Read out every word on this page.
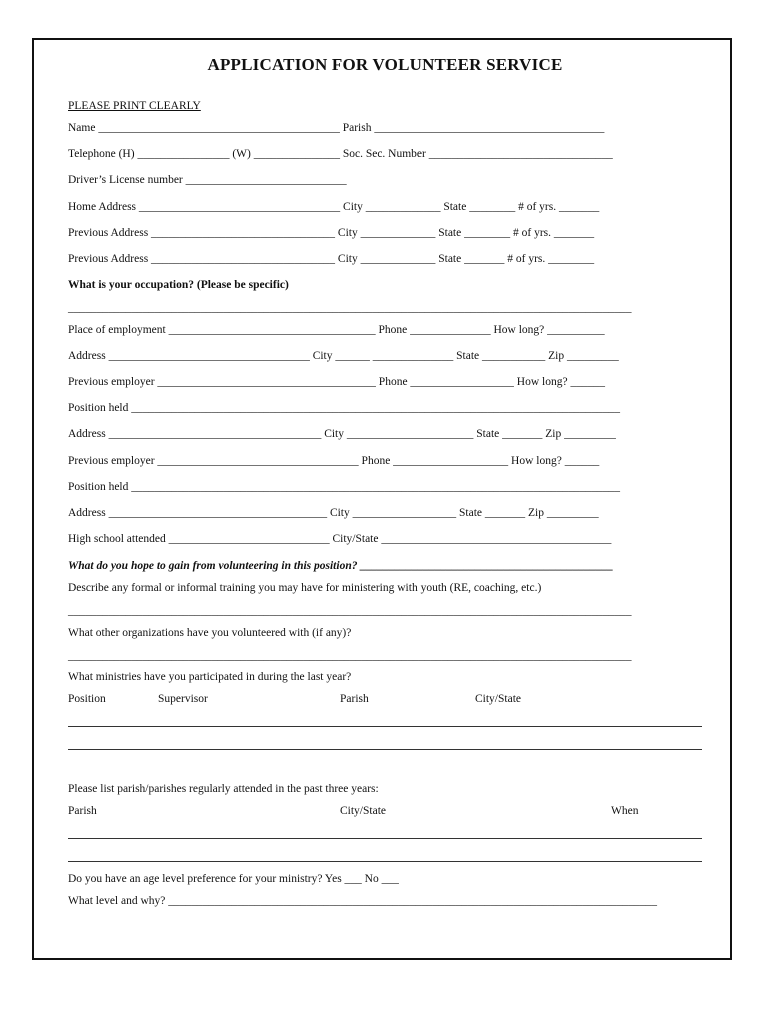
APPLICATION FOR VOLUNTEER SERVICE
PLEASE PRINT CLEARLY
Name __________________________________________ Parish ________________________________________
Telephone (H) ________________ (W) _______________ Soc. Sec. Number ________________________________
Driver’s License number ____________________________
Home Address ___________________________________ City _____________ State ________ # of yrs. _______
Previous Address ________________________________ City _____________ State ________ # of yrs. _______
Previous Address ________________________________ City _____________ State _______ # of yrs. ________
What is your occupation? (Please be specific)
__________________________________________________________________________________________________
Place of employment ____________________________________ Phone ______________ How long? __________
Address ___________________________________ City ______ ______________ State ___________ Zip _________
Previous employer ______________________________________ Phone __________________ How long? ______
Position held _____________________________________________________________________________________
Address _____________________________________ City ______________________ State _______ Zip _________
Previous employer ___________________________________ Phone ____________________ How long? ______
Position held _____________________________________________________________________________________
Address ______________________________________ City __________________ State _______ Zip _________
High school attended ____________________________ City/State ________________________________________
What do you hope to gain from volunteering in this position? ____________________________________________
Describe any formal or informal training you may have for ministering with youth (RE, coaching, etc.)
__________________________________________________________________________________________________
What other organizations have you volunteered with (if any)?
__________________________________________________________________________________________________
What ministries have you participated in during the last year?
Position	Supervisor	Parish	City/State
Please list parish/parishes regularly attended in the past three years:
Parish	City/State	When
Do you have an age level preference for your ministry? Yes ___ No ___
What level and why? _____________________________________________________________________________________
